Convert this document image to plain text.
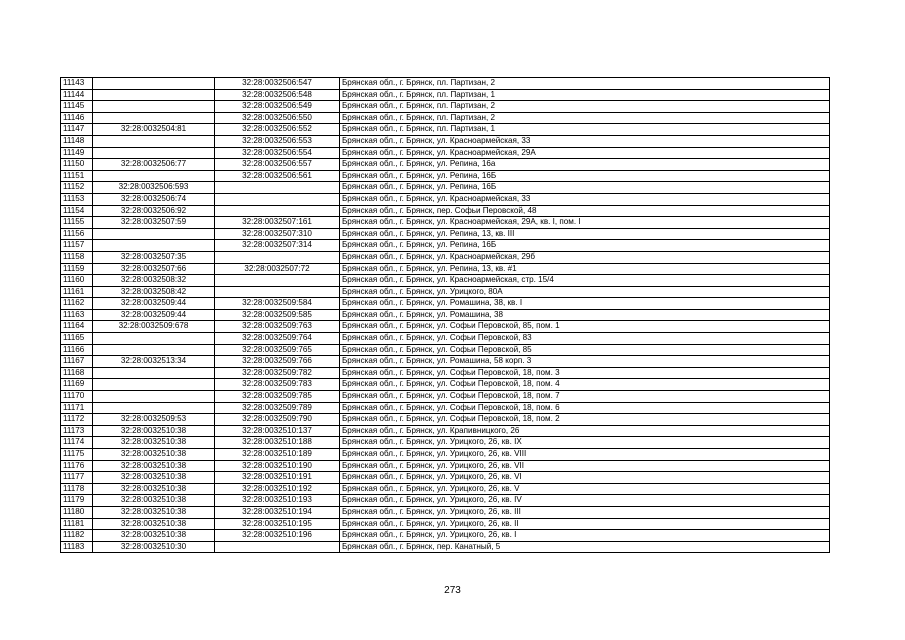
11143		32:28:0032506:547	Брянская обл., г. Брянск, пл. Партизан, 2
11144		32:28:0032506:548	Брянская обл., г. Брянск, пл. Партизан, 1
11145		32:28:0032506:549	Брянская обл., г. Брянск, пл. Партизан, 2
11146		32:28:0032506:550	Брянская обл., г. Брянск, пл. Партизан, 2
11147	32:28:0032504:81	32:28:0032506:552	Брянская обл., г. Брянск, пл. Партизан, 1
11148		32:28:0032506:553	Брянская обл., г. Брянск, ул. Красноармейская, 33
11149		32:28:0032506:554	Брянская обл., г. Брянск, ул. Красноармейская, 29А
11150	32:28:0032506:77	32:28:0032506:557	Брянская обл., г. Брянск, ул. Репина, 16а
11151		32:28:0032506:561	Брянская обл., г. Брянск, ул. Репина, 16Б
11152	32:28:0032506:593		Брянская обл., г. Брянск, ул. Репина, 16Б
11153	32:28:0032506:74		Брянская обл., г. Брянск, ул. Красноармейская, 33
11154	32:28:0032506:92		Брянская обл., г. Брянск, пер. Софьи Перовской, 48
11155	32:28:0032507:59	32:28:0032507:161	Брянская обл., г. Брянск, ул. Красноармейская, 29А, кв. I, пом. I
11156		32:28:0032507:310	Брянская обл., г. Брянск, ул. Репина, 13, кв. III
11157		32:28:0032507:314	Брянская обл., г. Брянск, ул. Репина, 16Б
11158	32:28:0032507:35		Брянская обл., г. Брянск, ул. Красноармейская, 29б
11159	32:28:0032507:66	32:28:0032507:72	Брянская обл., г. Брянск, ул. Репина, 13, кв. #1
11160	32:28:0032508:32		Брянская обл., г. Брянск, ул. Красноармейская, стр. 15/4
11161	32:28:0032508:42		Брянская обл., г. Брянск, ул. Урицкого, 80А
11162	32:28:0032509:44	32:28:0032509:584	Брянская обл., г. Брянск, ул. Ромашина, 38, кв. I
11163	32:28:0032509:44	32:28:0032509:585	Брянская обл., г. Брянск, ул. Ромашина, 38
11164	32:28:0032509:678	32:28:0032509:763	Брянская обл., г. Брянск, ул. Софьи Перовской, 85, пом. 1
11165		32:28:0032509:764	Брянская обл., г. Брянск, ул. Софьи Перовской, 83
11166		32:28:0032509:765	Брянская обл., г. Брянск, ул. Софьи Перовской, 85
11167	32:28:0032513:34	32:28:0032509:766	Брянская обл., г. Брянск, ул. Ромашина, 58 корп. 3
11168		32:28:0032509:782	Брянская обл., г. Брянск, ул. Софьи Перовской, 18, пом. 3
11169		32:28:0032509:783	Брянская обл., г. Брянск, ул. Софьи Перовской, 18, пом. 4
11170		32:28:0032509:785	Брянская обл., г. Брянск, ул. Софьи Перовской, 18, пом. 7
11171		32:28:0032509:789	Брянская обл., г. Брянск, ул. Софьи Перовской, 18, пом. 6
11172	32:28:0032509:53	32:28:0032509:790	Брянская обл., г. Брянск, ул. Софьи Перовской, 18, пом. 2
11173	32:28:0032510:38	32:28:0032510:137	Брянская обл., г. Брянск, ул. Крапивницкого, 26
11174	32:28:0032510:38	32:28:0032510:188	Брянская обл., г. Брянск, ул. Урицкого, 26, кв. IX
11175	32:28:0032510:38	32:28:0032510:189	Брянская обл., г. Брянск, ул. Урицкого, 26, кв. VIII
11176	32:28:0032510:38	32:28:0032510:190	Брянская обл., г. Брянск, ул. Урицкого, 26, кв. VII
11177	32:28:0032510:38	32:28:0032510:191	Брянская обл., г. Брянск, ул. Урицкого, 26, кв. VI
11178	32:28:0032510:38	32:28:0032510:192	Брянская обл., г. Брянск, ул. Урицкого, 26, кв. V
11179	32:28:0032510:38	32:28:0032510:193	Брянская обл., г. Брянск, ул. Урицкого, 26, кв. IV
11180	32:28:0032510:38	32:28:0032510:194	Брянская обл., г. Брянск, ул. Урицкого, 26, кв. III
11181	32:28:0032510:38	32:28:0032510:195	Брянская обл., г. Брянск, ул. Урицкого, 26, кв. II
11182	32:28:0032510:38	32:28:0032510:196	Брянская обл., г. Брянск, ул. Урицкого, 26, кв. I
11183	32:28:0032510:30		Брянская обл., г. Брянск, пер. Канатный, 5
273
